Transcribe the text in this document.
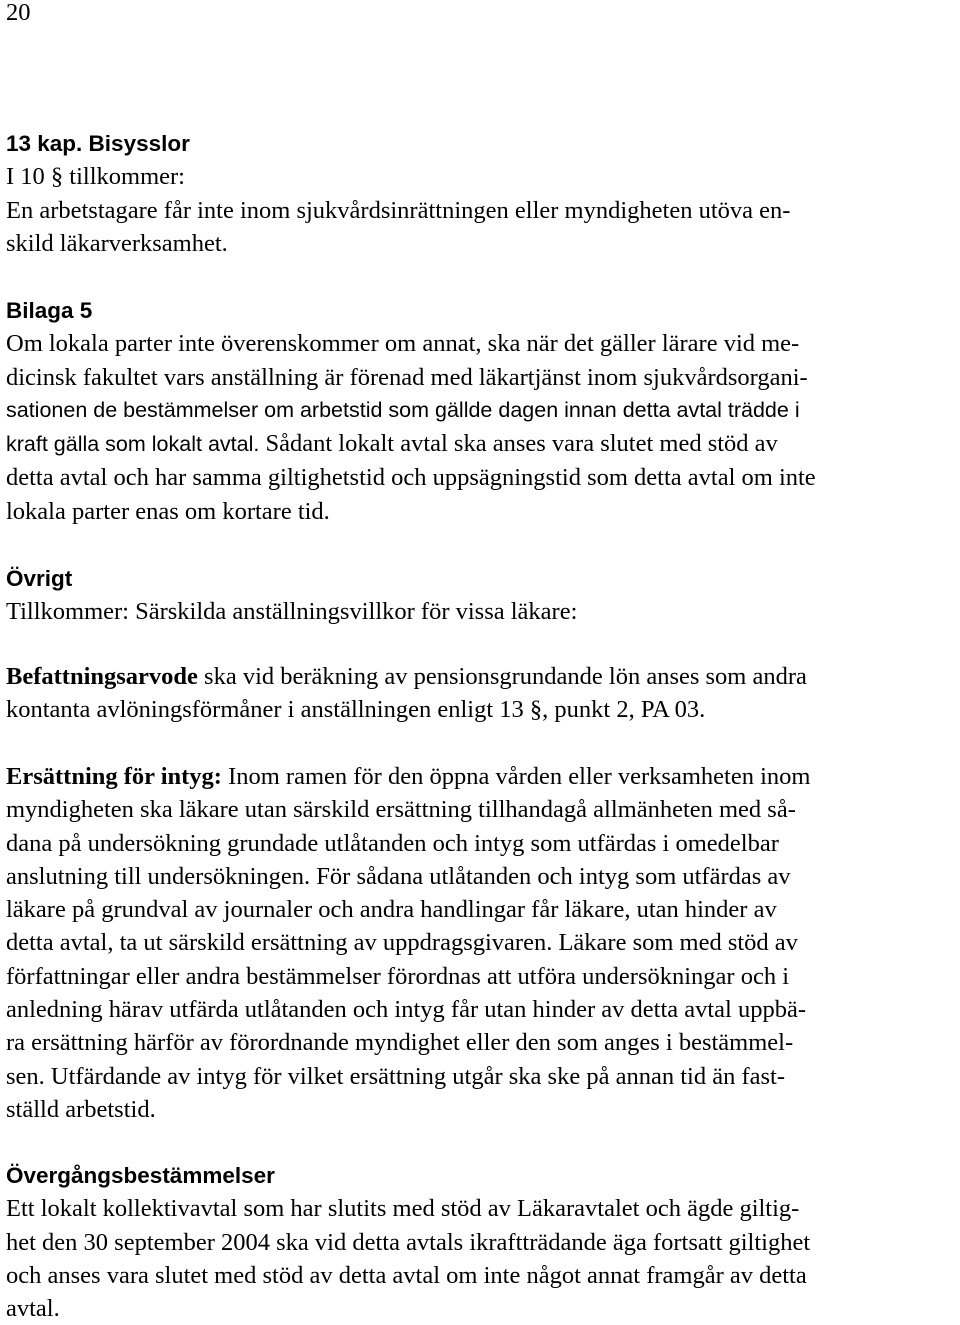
20

13 kap. Bisysslor

I 10 § tillkommer:

En arbetstagare får inte inom sjukvårdsinrättningen eller myndigheten utöva en-

skild läkarverksamhet.

Bilaga 5

Om lokala parter inte överenskommer om annat, ska när det gäller lärare vid me-

dicinsk fakultet vars anställning är förenad med läkartjänst inom sjukvårdsorgani-

sationen de bestämmelser om arbetstid som gällde dagen innan detta avtal trädde i

kraft gälla som lokalt avtal. Sådant lokalt avtal ska anses vara slutet med stöd av

detta avtal och har samma giltighetstid och uppsägningstid som detta avtal om inte

lokala parter enas om kortare tid.

Övrigt

Tillkommer: Särskilda anställningsvillkor för vissa läkare:

Befattningsarvode ska vid beräkning av pensionsgrundande lön anses som andra

kontanta avlöningsförmåner i anställningen enligt 13 §, punkt 2, PA 03.

Ersättning för intyg: Inom ramen för den öppna vården eller verksamheten inom

myndigheten ska läkare utan särskild ersättning tillhandagå allmänheten med så-

dana på undersökning grundade utlåtanden och intyg som utfärdas i omedelbar

anslutning till undersökningen. För sådana utlåtanden och intyg som utfärdas av

läkare på grundval av journaler och andra handlingar får läkare, utan hinder av

detta avtal, ta ut särskild ersättning av uppdragsgivaren. Läkare som med stöd av

författningar eller andra bestämmelser förordnas att utföra undersökningar och i

anledning härav utfärda utlåtanden och intyg får utan hinder av detta avtal uppbä-

ra ersättning härför av förordnande myndighet eller den som anges i bestämmel-

sen. Utfärdande av intyg för vilket ersättning utgår ska ske på annan tid än fast-

ställd arbetstid.

Övergångsbestämmelser

Ett lokalt kollektivavtal som har slutits med stöd av Läkaravtalet och ägde giltig-

het den 30 september 2004 ska vid detta avtals ikraftträdande äga fortsatt giltighet

och anses vara slutet med stöd av detta avtal om inte något annat framgår av detta

avtal.
